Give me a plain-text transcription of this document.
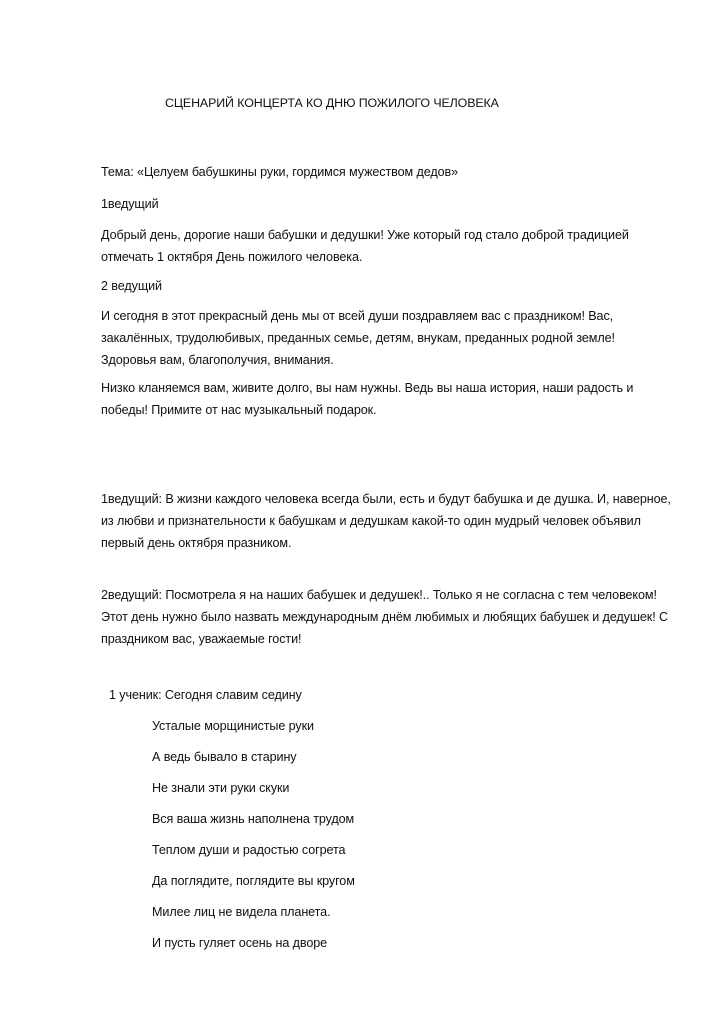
СЦЕНАРИЙ КОНЦЕРТА КО ДНЮ ПОЖИЛОГО ЧЕЛОВЕКА
Тема: «Целуем бабушкины руки, гордимся мужеством дедов»
1ведущий
Добрый день, дорогие наши бабушки и дедушки! Уже который год стало доброй традицией
отмечать 1 октября День пожилого человека.
2 ведущий
И сегодня в этот прекрасный день мы от всей души поздравляем вас с праздником! Вас,
закалённых, трудолюбивых, преданных семье, детям, внукам, преданных родной земле!
Здоровья вам, благополучия, внимания.
Низко кланяемся вам, живите долго, вы нам нужны. Ведь вы наша история, наши радость и
победы! Примите от нас музыкальный подарок.
1ведущий: В жизни каждого человека всегда были, есть и будут бабушка и де душка. И, наверное,
из любви и признательности к бабушкам и дедушкам какой-то один мудрый человек объявил
первый день октября празником.
2ведущий: Посмотрела я на наших бабушек и дедушек!.. Только я не согласна с тем человеком!
Этот день нужно было назвать международным днём любимых и любящих бабушек и дедушек! С
праздником вас, уважаемые гости!
1 ученик: Сегодня славим седину
Усталые морщинистые руки
А ведь бывало в старину
Не знали эти руки скуки
Вся ваша жизнь наполнена трудом
Теплом души и радостью согрета
Да поглядите, поглядите вы кругом
Милее лиц не видела планета.
И пусть гуляет осень на дворе
